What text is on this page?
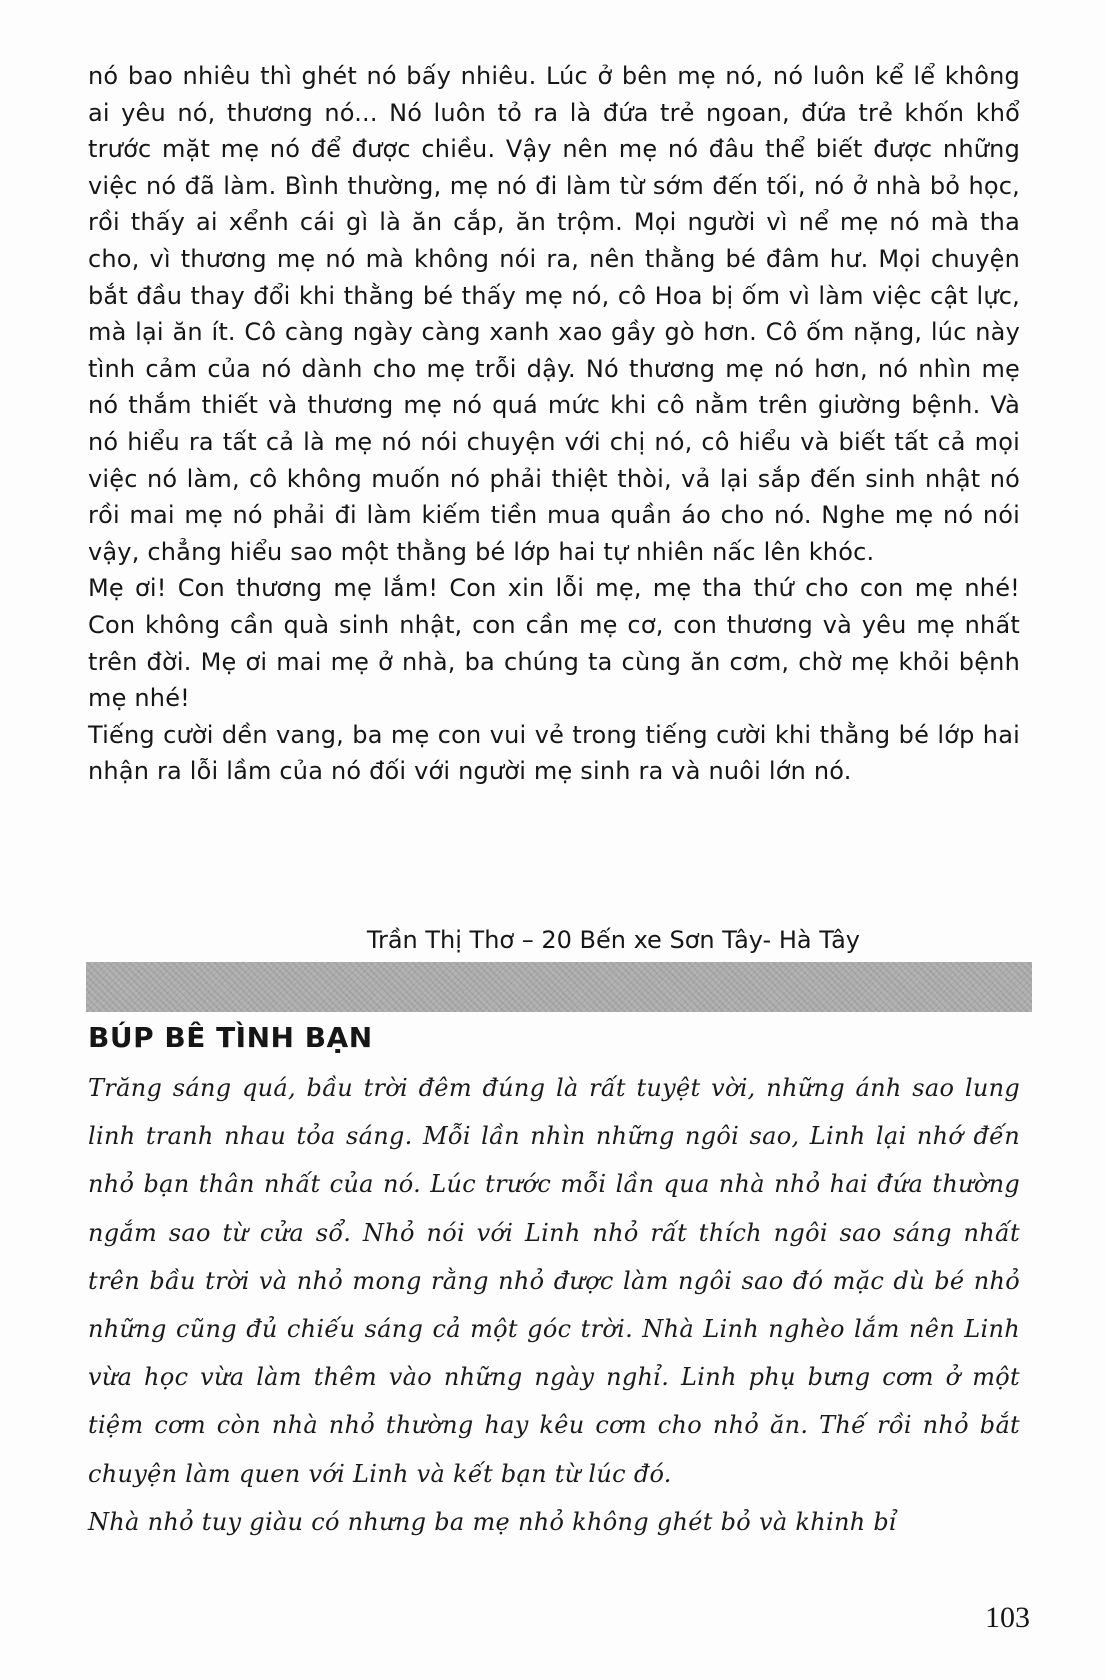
nó bao nhiêu thì ghét nó bấy nhiêu. Lúc ở bên mẹ nó, nó luôn kể lể không ai yêu nó, thương nó... Nó luôn tỏ ra là đứa trẻ ngoan, đứa trẻ khốn khổ trước mặt mẹ nó để được chiều. Vậy nên mẹ nó đâu thể biết được những việc nó đã làm. Bình thường, mẹ nó đi làm từ sớm đến tối, nó ở nhà bỏ học, rồi thấy ai xểnh cái gì là ăn cắp, ăn trộm. Mọi người vì nể mẹ nó mà tha cho, vì thương mẹ nó mà không nói ra, nên thằng bé đâm hư. Mọi chuyện bắt đầu thay đổi khi thằng bé thấy mẹ nó, cô Hoa bị ốm vì làm việc cật lực, mà lại ăn ít. Cô càng ngày càng xanh xao gầy gò hơn. Cô ốm nặng, lúc này tình cảm của nó dành cho mẹ trỗi dậy. Nó thương mẹ nó hơn, nó nhìn mẹ nó thắm thiết và thương mẹ nó quá mức khi cô nằm trên giường bệnh. Và nó hiểu ra tất cả là mẹ nó nói chuyện với chị nó, cô hiểu và biết tất cả mọi việc nó làm, cô không muốn nó phải thiệt thòi, vả lại sắp đến sinh nhật nó rồi mai mẹ nó phải đi làm kiếm tiền mua quần áo cho nó. Nghe mẹ nó nói vậy, chẳng hiểu sao một thằng bé lớp hai tự nhiên nấc lên khóc.

Mẹ ơi! Con thương mẹ lắm! Con xin lỗi mẹ, mẹ tha thứ cho con mẹ nhé! Con không cần quà sinh nhật, con cần mẹ cơ, con thương và yêu mẹ nhất trên đời. Mẹ ơi mai mẹ ở nhà, ba chúng ta cùng ăn cơm, chờ mẹ khỏi bệnh mẹ nhé!

Tiếng cười dền vang, ba mẹ con vui vẻ trong tiếng cười khi thằng bé lớp hai nhận ra lỗi lầm của nó đối với người mẹ sinh ra và nuôi lớn nó.

Trần Thị Thơ – 20 Bến xe Sơn Tây- Hà Tây
BÚP BÊ TÌNH BẠN

Trăng sáng quá, bầu trời đêm đúng là rất tuyệt vời, những ánh sao lung linh tranh nhau tỏa sáng. Mỗi lần nhìn những ngôi sao, Linh lại nhớ đến nhỏ bạn thân nhất của nó. Lúc trước mỗi lần qua nhà nhỏ hai đứa thường ngắm sao từ cửa sổ. Nhỏ nói với Linh nhỏ rất thích ngôi sao sáng nhất trên bầu trời và nhỏ mong rằng nhỏ được làm ngôi sao đó mặc dù bé nhỏ những cũng đủ chiếu sáng cả một góc trời. Nhà Linh nghèo lắm nên Linh vừa học vừa làm thêm vào những ngày nghỉ. Linh phụ bưng cơm ở một tiệm cơm còn nhà nhỏ thường hay kêu cơm cho nhỏ ăn. Thế rồi nhỏ bắt chuyện làm quen với Linh và kết bạn từ lúc đó.

Nhà nhỏ tuy giàu có nhưng ba mẹ nhỏ không ghét bỏ và khinh bỉ

103
